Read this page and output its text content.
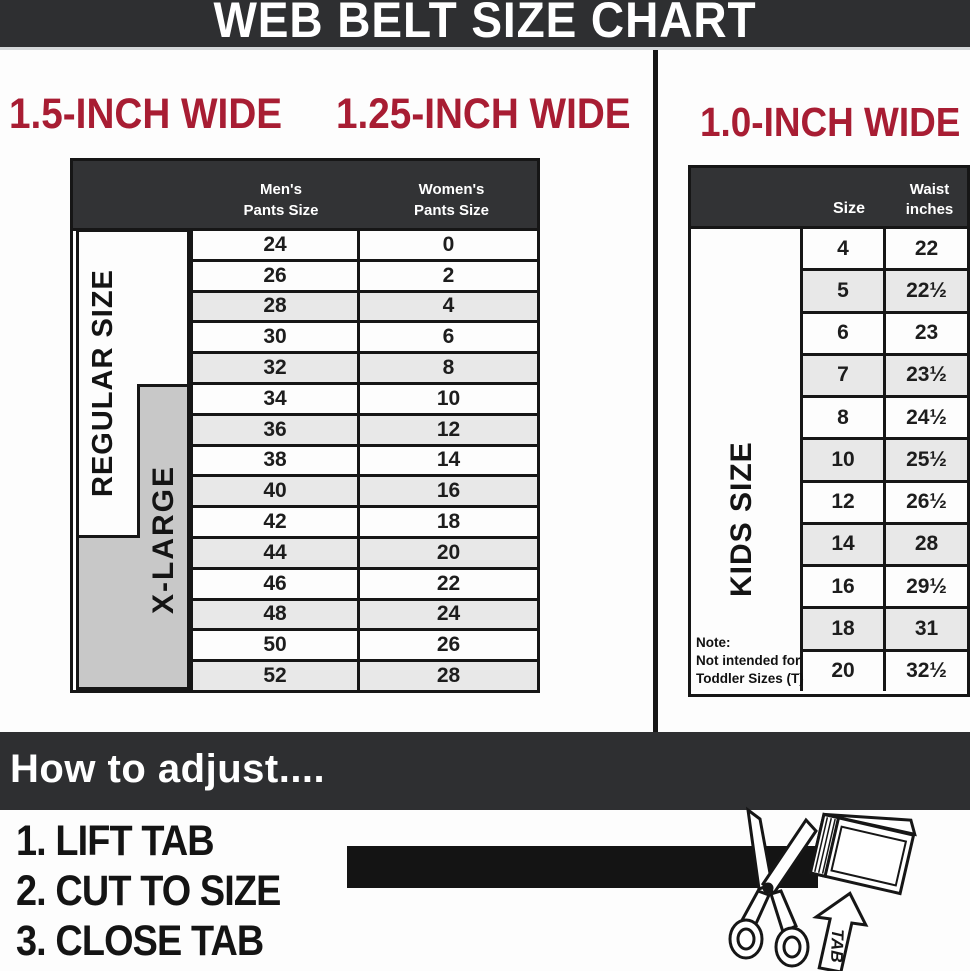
WEB BELT SIZE CHART
1.5-INCH WIDE 1.25-INCH WIDE 1.0-INCH WIDE
Men's
Pants Size
Women's
Pants Size
REGULAR SIZE
X-LARGE
24	0
26	2
28	4
30	6
32	8
34	10
36	12
38	14
40	16
42	18
44	20
46	22
48	24
50	26
52	28
Size
Waist
inches
KIDS SIZE
Note:
Not intended for
Toddler Sizes (T)
4	22
5	22½
6	23
7	23½
8	24½
10	25½
12	26½
14	28
16	29½
18	31
20	32½
How to adjust....
1. LIFT TAB
2. CUT TO SIZE
3. CLOSE TAB	TAB
